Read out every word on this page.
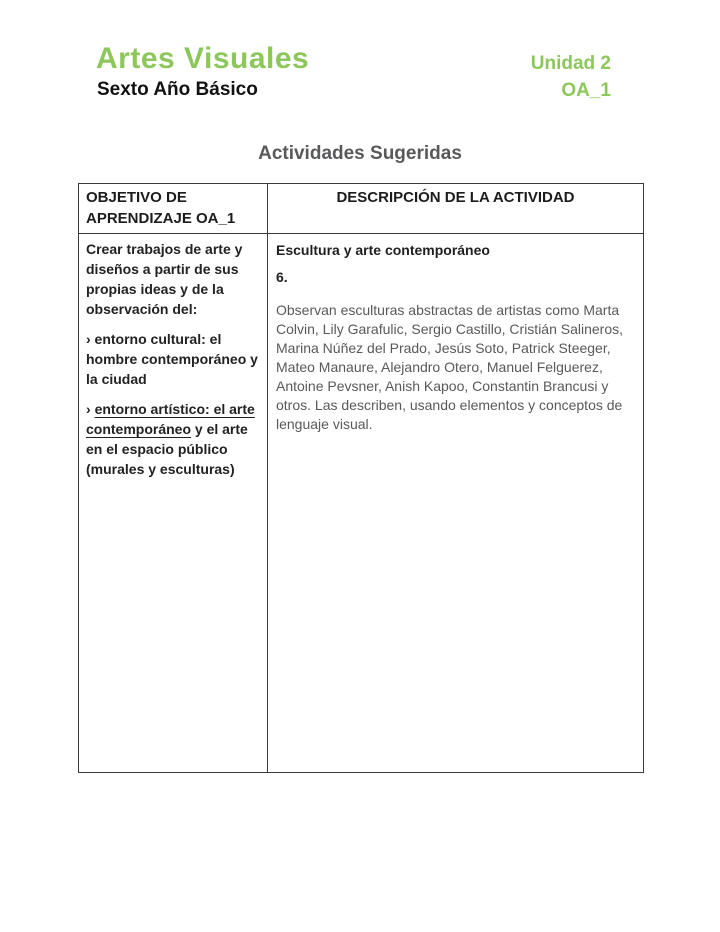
Artes Visuales
Sexto Año Básico
Unidad 2
OA_1
Actividades Sugeridas
OBJETIVO DE APRENDIZAJE OA_1
DESCRIPCIÓN DE LA ACTIVIDAD

Crear trabajos de arte y diseños a partir de sus propias ideas y de la observación del:

› entorno cultural: el hombre contemporáneo y la ciudad

› entorno artístico: el arte contemporáneo y el arte en el espacio público (murales y esculturas)

Escultura y arte contemporáneo

6.

Observan esculturas abstractas de artistas como Marta Colvin, Lily Garafulic, Sergio Castillo, Cristián Salineros, Marina Núñez del Prado, Jesús Soto, Patrick Steeger, Mateo Manaure, Alejandro Otero, Manuel Felguerez, Antoine Pevsner, Anish Kapoo, Constantin Brancusi y otros. Las describen, usando elementos y conceptos de lenguaje visual.
